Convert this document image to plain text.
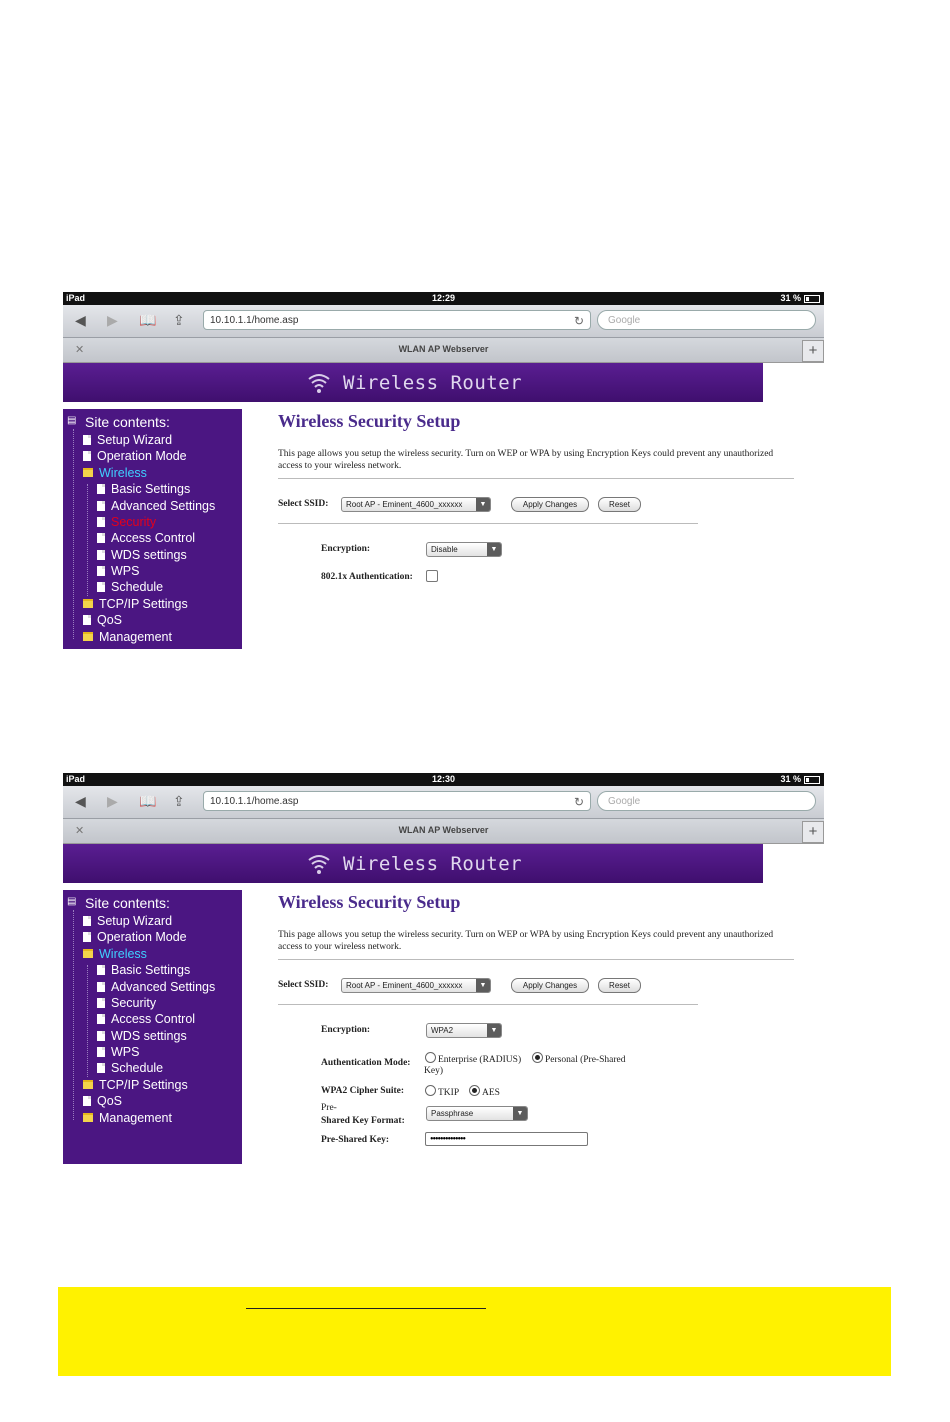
iPad	12:29	31 %
◀ ▶ 📖 ⇪	10.10.1.1/home.asp	↻	Google
✕	WLAN AP Webserver	+
Wireless Router
▤ Site contents:
Setup Wizard
Operation Mode
Wireless
Basic Settings
Advanced Settings
Security
Access Control
WDS settings
WPS
Schedule
TCP/IP Settings
QoS
Management
Wireless Security Setup
This page allows you setup the wireless security. Turn on WEP or WPA by using Encryption Keys could prevent any unauthorized access to your wireless network.
Select SSID:	Root AP - Eminent_4600_xxxxxx	▼	Apply Changes	Reset
Encryption:	Disable	▼
802.1x Authentication:
iPad	12:30	31 %
◀ ▶ 📖 ⇪	10.10.1.1/home.asp	↻	Google
✕	WLAN AP Webserver	+
Wireless Router
▤ Site contents:
Setup Wizard
Operation Mode
Wireless
Basic Settings
Advanced Settings
Security
Access Control
WDS settings
WPS
Schedule
TCP/IP Settings
QoS
Management
Wireless Security Setup
This page allows you setup the wireless security. Turn on WEP or WPA by using Encryption Keys could prevent any unauthorized access to your wireless network.
Select SSID:	Root AP - Eminent_4600_xxxxxx	▼	Apply Changes	Reset
Encryption:	WPA2	▼
Authentication Mode:	Enterprise (RADIUS)	Personal (Pre-Shared
Key)
WPA2 Cipher Suite:	TKIP	AES
Pre-
Shared Key Format:
Passphrase	▼
Pre-Shared Key:	••••••••••••••
